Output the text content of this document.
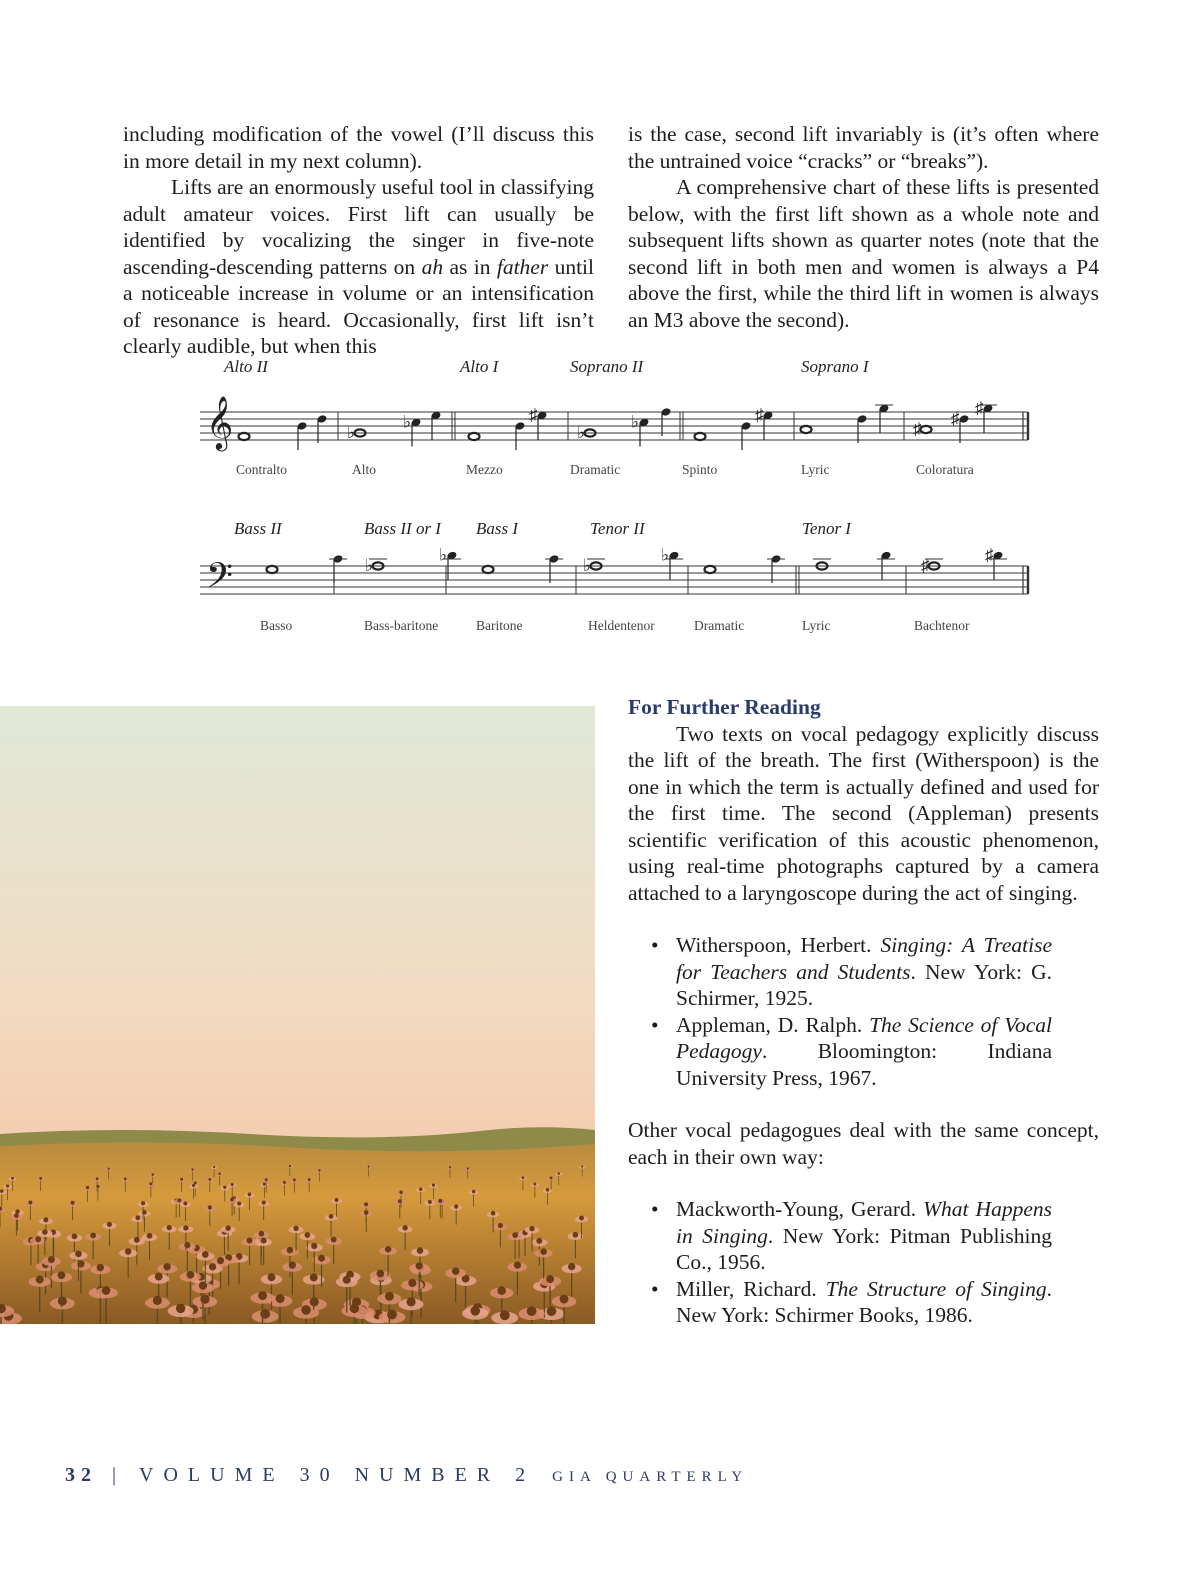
including modification of the vowel (I’ll discuss this in more detail in my next column).

Lifts are an enormously useful tool in classifying adult amateur voices. First lift can usually be identified by vocalizing the singer in five-note ascending-descending patterns on ah as in father until a noticeable increase in volume or an intensification of resonance is heard. Occasionally, first lift isn’t clearly audible, but when this

is the case, second lift invariably is (it’s often where the untrained voice “cracks” or “breaks”).

A comprehensive chart of these lifts is presented below, with the first lift shown as a whole note and subsequent lifts shown as quarter notes (note that the second lift in both men and women is always a P4 above the first, while the third lift in women is always an M3 above the second).

𝄞	♭
♭	♯
♭
♭	♯
♯
♯
♯
Alto II	Alto I	Soprano II	Soprano I
Contralto	Alto	Mezzo	Dramatic	Spinto	Lyric	Coloratura
𝄢	♭
♭
♭
♭
♯
♯
Bass II	Bass II or I Bass I	Tenor II	Tenor I
Basso	Bass-baritone	Baritone	Heldentenor	Dramatic	Lyric	Bachtenor

For Further Reading

Two texts on vocal pedagogy explicitly discuss the lift of the breath. The first (Witherspoon) is the one in which the term is actually defined and used for the first time. The second (Appleman) presents scientific verification of this acoustic phenomenon, using real-time photographs captured by a camera attached to a laryngoscope during the act of singing.

• Witherspoon, Herbert. Singing: A Treatise for Teachers and Students. New York: G. Schirmer, 1925.
• Appleman, D. Ralph. The Science of Vocal Pedagogy. Bloomington: Indiana University Press, 1967.

Other vocal pedagogues deal with the same concept, each in their own way:

• Mackworth-Young, Gerard. What Happens in Singing. New York: Pitman Publishing Co., 1956.
• Miller, Richard. The Structure of Singing. New York: Schirmer Books, 1986.
32 | VOLUME 30 NUMBER 2 GIA QUARTERLY
